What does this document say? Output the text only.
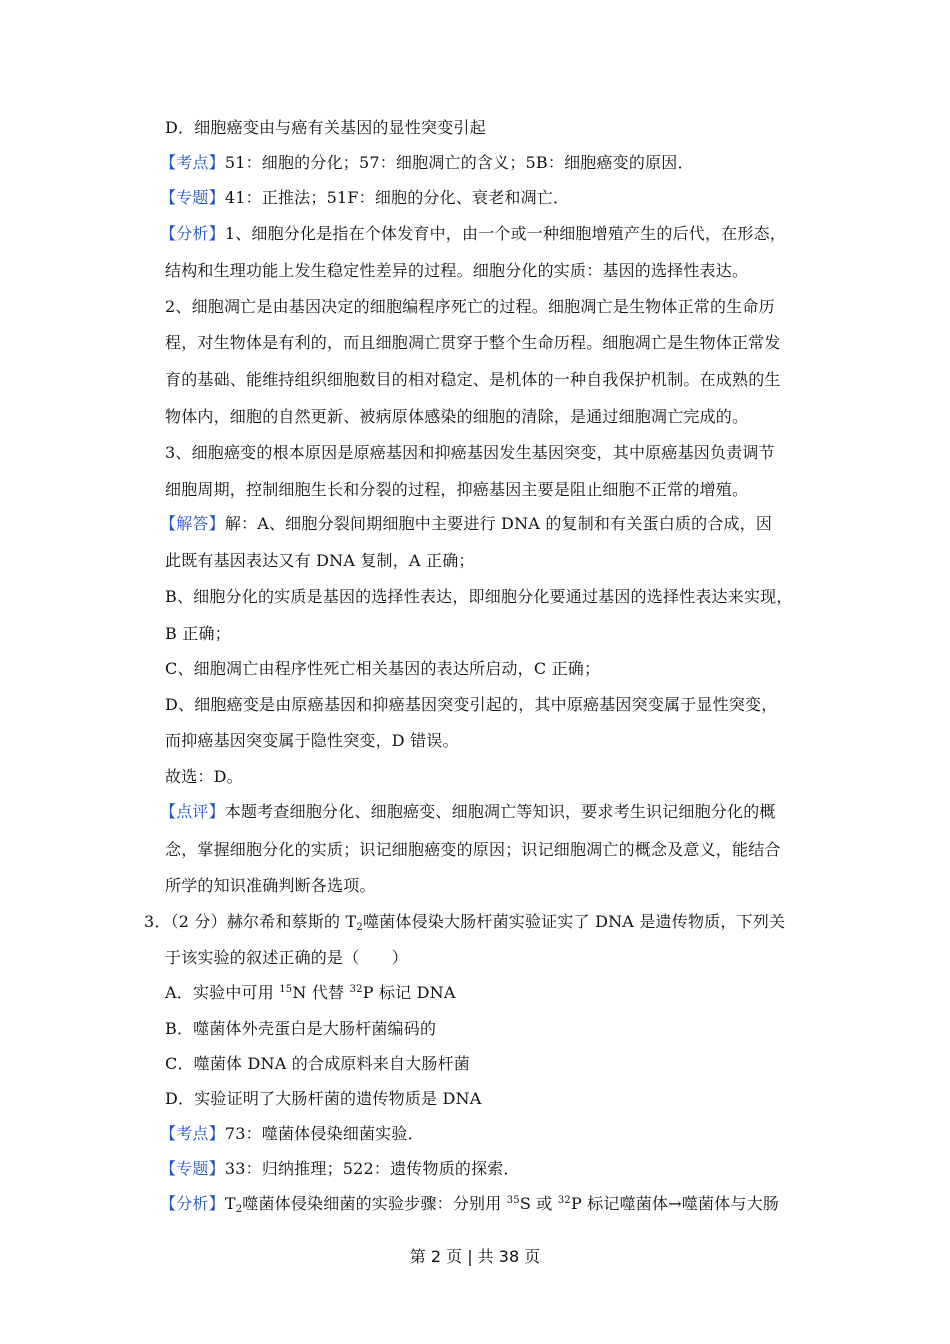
D．细胞癌变由与癌有关基因的显性突变引起
【考点】51：细胞的分化；57：细胞凋亡的含义；5B：细胞癌变的原因．
【专题】41：正推法；51F：细胞的分化、衰老和凋亡．
【分析】1、细胞分化是指在个体发育中，由一个或一种细胞增殖产生的后代，在形态，
结构和生理功能上发生稳定性差异的过程。细胞分化的实质：基因的选择性表达。
2、细胞凋亡是由基因决定的细胞编程序死亡的过程。细胞凋亡是生物体正常的生命历
程，对生物体是有利的，而且细胞凋亡贯穿于整个生命历程。细胞凋亡是生物体正常发
育的基础、能维持组织细胞数目的相对稳定、是机体的一种自我保护机制。在成熟的生
物体内，细胞的自然更新、被病原体感染的细胞的清除，是通过细胞凋亡完成的。
3、细胞癌变的根本原因是原癌基因和抑癌基因发生基因突变，其中原癌基因负责调节
细胞周期，控制细胞生长和分裂的过程，抑癌基因主要是阻止细胞不正常的增殖。
【解答】解：A、细胞分裂间期细胞中主要进行 DNA 的复制和有关蛋白质的合成，因
此既有基因表达又有 DNA 复制，A 正确；
B、细胞分化的实质是基因的选择性表达，即细胞分化要通过基因的选择性表达来实现，
B 正确；
C、细胞凋亡由程序性死亡相关基因的表达所启动，C 正确；
D、细胞癌变是由原癌基因和抑癌基因突变引起的，其中原癌基因突变属于显性突变，
而抑癌基因突变属于隐性突变，D 错误。
故选：D。
【点评】本题考查细胞分化、细胞癌变、细胞凋亡等知识，要求考生识记细胞分化的概
念，掌握细胞分化的实质；识记细胞癌变的原因；识记细胞凋亡的概念及意义，能结合
所学的知识准确判断各选项。
3．（2 分）赫尔希和蔡斯的 $T_2$噬菌体侵染大肠杆菌实验证实了 DNA 是遗传物质，下列关
于该实验的叙述正确的是（　　）
A．实验中可用 $^{15}$N 代替 $^{32}$P 标记 DNA
B．噬菌体外壳蛋白是大肠杆菌编码的
C．噬菌体 DNA 的合成原料来自大肠杆菌
D．实验证明了大肠杆菌的遗传物质是 DNA
【考点】73：噬菌体侵染细菌实验．
【专题】33：归纳推理；522：遗传物质的探索．
【分析】$T_2$噬菌体侵染细菌的实验步骤：分别用 $^{35}$S 或 $^{32}$P 标记噬菌体→噬菌体与大肠
第 2 页 | 共 38 页
